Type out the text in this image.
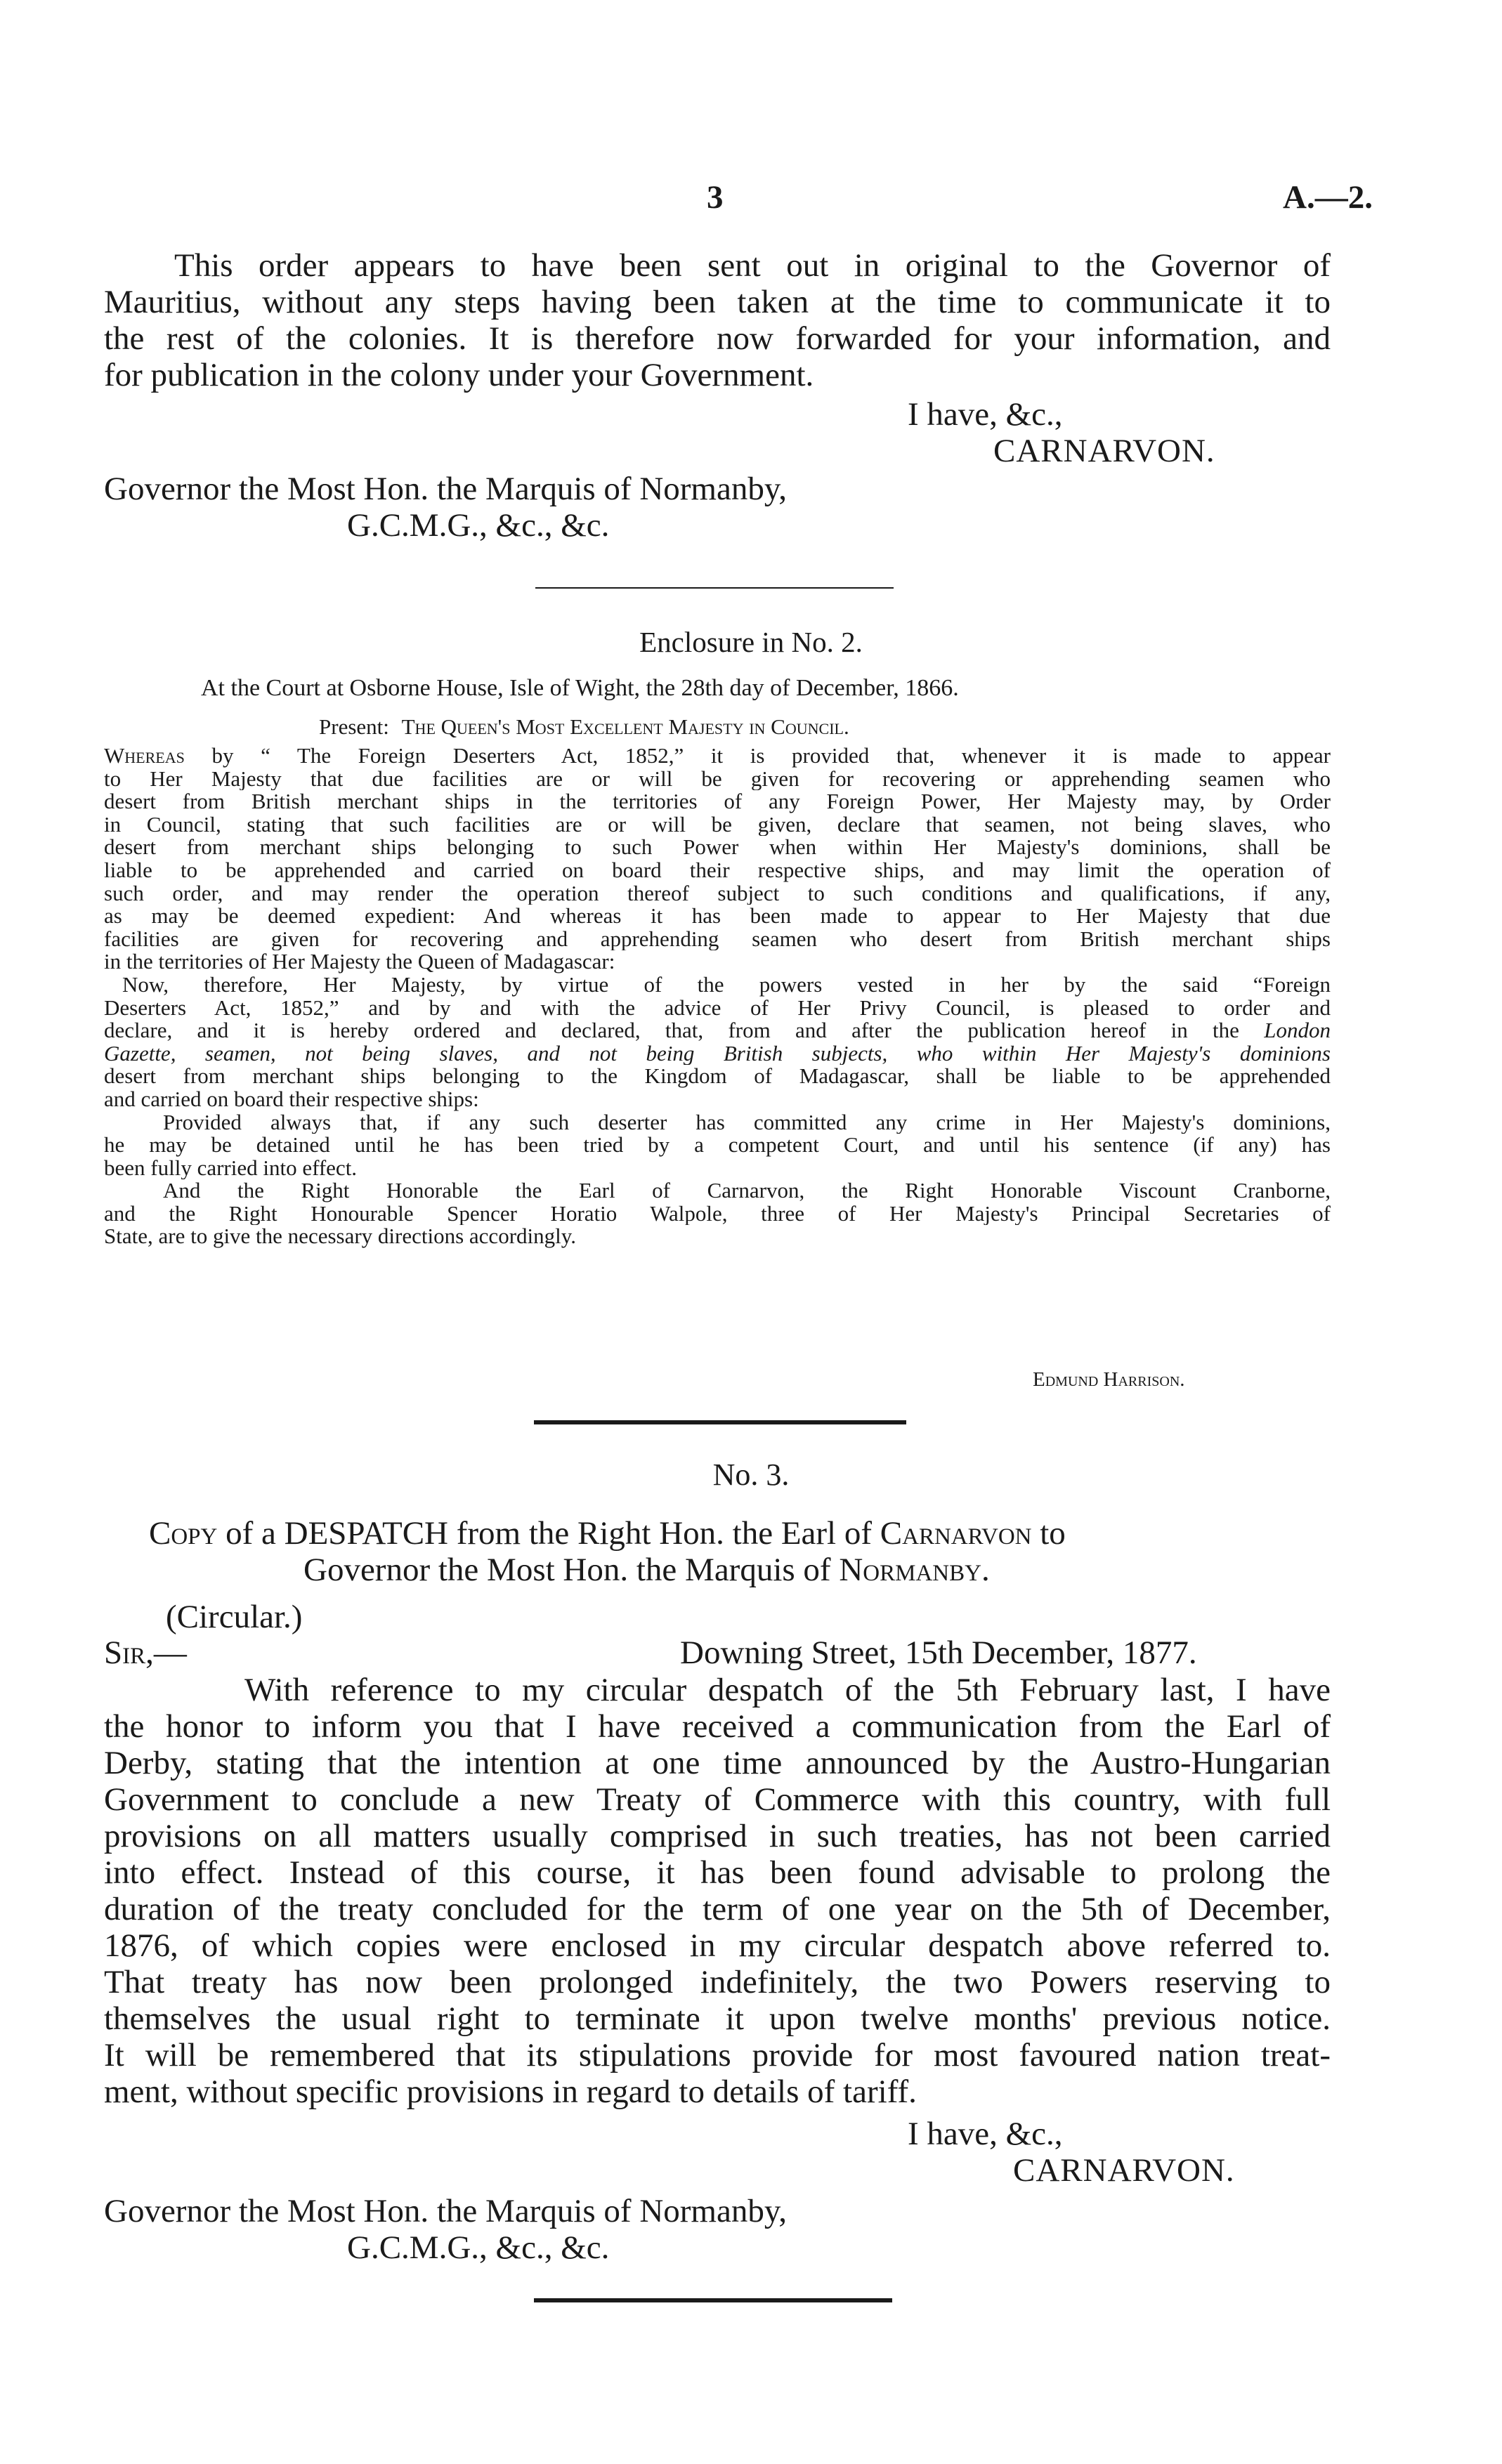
3	A.—2.
This order appears to have been sent out in original to the Governor of
Mauritius, without any steps having been taken at the time to communicate it to
the rest of the colonies. It is therefore now forwarded for your information, and
for publication in the colony under your Government.
I have, &c.,
CARNARVON.
Governor the Most Hon. the Marquis of Normanby,
G.C.M.G., &c., &c.
Enclosure in No. 2.
At the Court at Osborne House, Isle of Wight, the 28th day of December, 1866.
Present: The Queen's Most Excellent Majesty in Council.
Whereas by “ The Foreign Deserters Act, 1852,” it is provided that, whenever it is made to appear
to Her Majesty that due facilities are or will be given for recovering or apprehending seamen who
desert from British merchant ships in the territories of any Foreign Power, Her Majesty may, by Order
in Council, stating that such facilities are or will be given, declare that seamen, not being slaves, who
desert from merchant ships belonging to such Power when within Her Majesty's dominions, shall be
liable to be apprehended and carried on board their respective ships, and may limit the operation of
such order, and may render the operation thereof subject to such conditions and qualifications, if any,
as may be deemed expedient: And whereas it has been made to appear to Her Majesty that due
facilities are given for recovering and apprehending seamen who desert from British merchant ships
in the territories of Her Majesty the Queen of Madagascar:
Now, therefore, Her Majesty, by virtue of the powers vested in her by the said “Foreign
Deserters Act, 1852,” and by and with the advice of Her Privy Council, is pleased to order and
declare, and it is hereby ordered and declared, that, from and after the publication hereof in the London
Gazette, seamen, not being slaves, and not being British subjects, who within Her Majesty's dominions
desert from merchant ships belonging to the Kingdom of Madagascar, shall be liable to be apprehended
and carried on board their respective ships:
Provided always that, if any such deserter has committed any crime in Her Majesty's dominions,
he may be detained until he has been tried by a competent Court, and until his sentence (if any) has
been fully carried into effect.
And the Right Honorable the Earl of Carnarvon, the Right Honorable Viscount Cranborne,
and the Right Honourable Spencer Horatio Walpole, three of Her Majesty's Principal Secretaries of
State, are to give the necessary directions accordingly.
Edmund Harrison.
No. 3.
Copy of a DESPATCH from the Right Hon. the Earl of Carnarvon to
Governor the Most Hon. the Marquis of Normanby.
(Circular.)
Sir,—	Downing Street, 15th December, 1877.
With reference to my circular despatch of the 5th February last, I have
the honor to inform you that I have received a communication from the Earl of
Derby, stating that the intention at one time announced by the Austro-Hungarian
Government to conclude a new Treaty of Commerce with this country, with full
provisions on all matters usually comprised in such treaties, has not been carried
into effect. Instead of this course, it has been found advisable to prolong the
duration of the treaty concluded for the term of one year on the 5th of December,
1876, of which copies were enclosed in my circular despatch above referred to.
That treaty has now been prolonged indefinitely, the two Powers reserving to
themselves the usual right to terminate it upon twelve months' previous notice.
It will be remembered that its stipulations provide for most favoured nation treat-
ment, without specific provisions in regard to details of tariff.
I have, &c.,
CARNARVON.
Governor the Most Hon. the Marquis of Normanby,
G.C.M.G., &c., &c.
